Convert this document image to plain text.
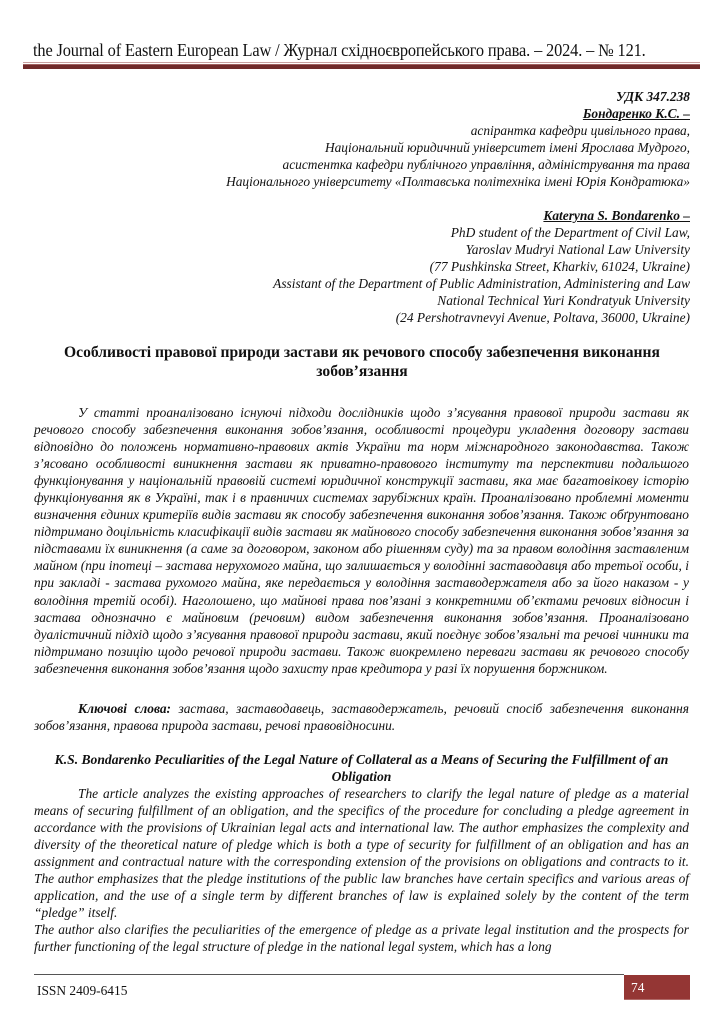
the Journal of Eastern European Law / Журнал східноєвропейського права. – 2024. – № 121.
УДК 347.238
Бондаренко К.С. –
аспірантка кафедри цивільного права,
Національний юридичний університет імені Ярослава Мудрого,
асистентка кафедри публічного управління, адміністрування та права
Національного університету «Полтавська політехніка імені Юрія Кондратюка»
Kateryna S. Bondarenko –
PhD student of the Department of Civil Law,
Yaroslav Mudryi National Law University
(77 Pushkinska Street, Kharkiv, 61024, Ukraine)
Assistant of the Department of Public Administration, Administering and Law
National Technical Yuri Kondratyuk University
(24 Pershotravnevyi Avenue, Poltava, 36000, Ukraine)
Особливості правової природи застави як речового способу забезпечення виконання зобов’язання
У статті проаналізовано існуючі підходи дослідників щодо з’ясування правової природи застави як речового способу забезпечення виконання зобов’язання, особливості процедури укладення договору застави відповідно до положень нормативно-правових актів України та норм міжнародного законодавства. Також з’ясовано особливості виникнення застави як приватно-правового інституту та перспективи подальшого функціонування у національній правовій системі юридичної конструкції застави, яка має багатовікову історію функціонування як в Україні, так і в правничих системах зарубіжних країн. Проаналізовано проблемні моменти визначення єдиних критеріїв видів застави як способу забезпечення виконання зобов’язання. Також обґрунтовано підтримано доцільність класифікації видів застави як майнового способу забезпечення виконання зобов’язання за підставами їх виникнення (а саме за договором, законом або рішенням суду) та за правом володіння заставленим майном (при іпотеці – застава нерухомого майна, що залишається у володінні заставодавця або третьої особи, і при закладі - застава рухомого майна, яке передається у володіння заставодержателя або за його наказом - у володіння третій особі). Наголошено, що майнові права пов’язані з конкретними об’єктами речових відносин і застава однозначно є майновим (речовим) видом забезпечення виконання зобов’язання. Проаналізовано дуалістичний підхід щодо з’ясування правової природи застави, який поєднує зобов’язальні та речові чинники та підтримано позицію щодо речової природи застави. Також виокремлено переваги застави як речового способу забезпечення виконання зобов’язання щодо захисту прав кредитора у разі їх порушення боржником.
Ключові слова: застава, заставодавець, заставодержатель, речовий спосіб забезпечення виконання зобов’язання, правова природа застави, речові правовідносини.
K.S. Bondarenko Peculiarities of the Legal Nature of Collateral as a Means of Securing the Fulfillment of an Obligation
The article analyzes the existing approaches of researchers to clarify the legal nature of pledge as a material means of securing fulfillment of an obligation, and the specifics of the procedure for concluding a pledge agreement in accordance with the provisions of Ukrainian legal acts and international law. The author emphasizes the complexity and diversity of the theoretical nature of pledge which is both a type of security for fulfillment of an obligation and has an assignment and contractual nature with the corresponding extension of the provisions on obligations and contracts to it. The author emphasizes that the pledge institutions of the public law branches have certain specifics and various areas of application, and the use of a single term by different branches of law is explained solely by the content of the term “pledge” itself.
The author also clarifies the peculiarities of the emergence of pledge as a private legal institution and the prospects for further functioning of the legal structure of pledge in the national legal system, which has a long
ISSN 2409-6415	74
